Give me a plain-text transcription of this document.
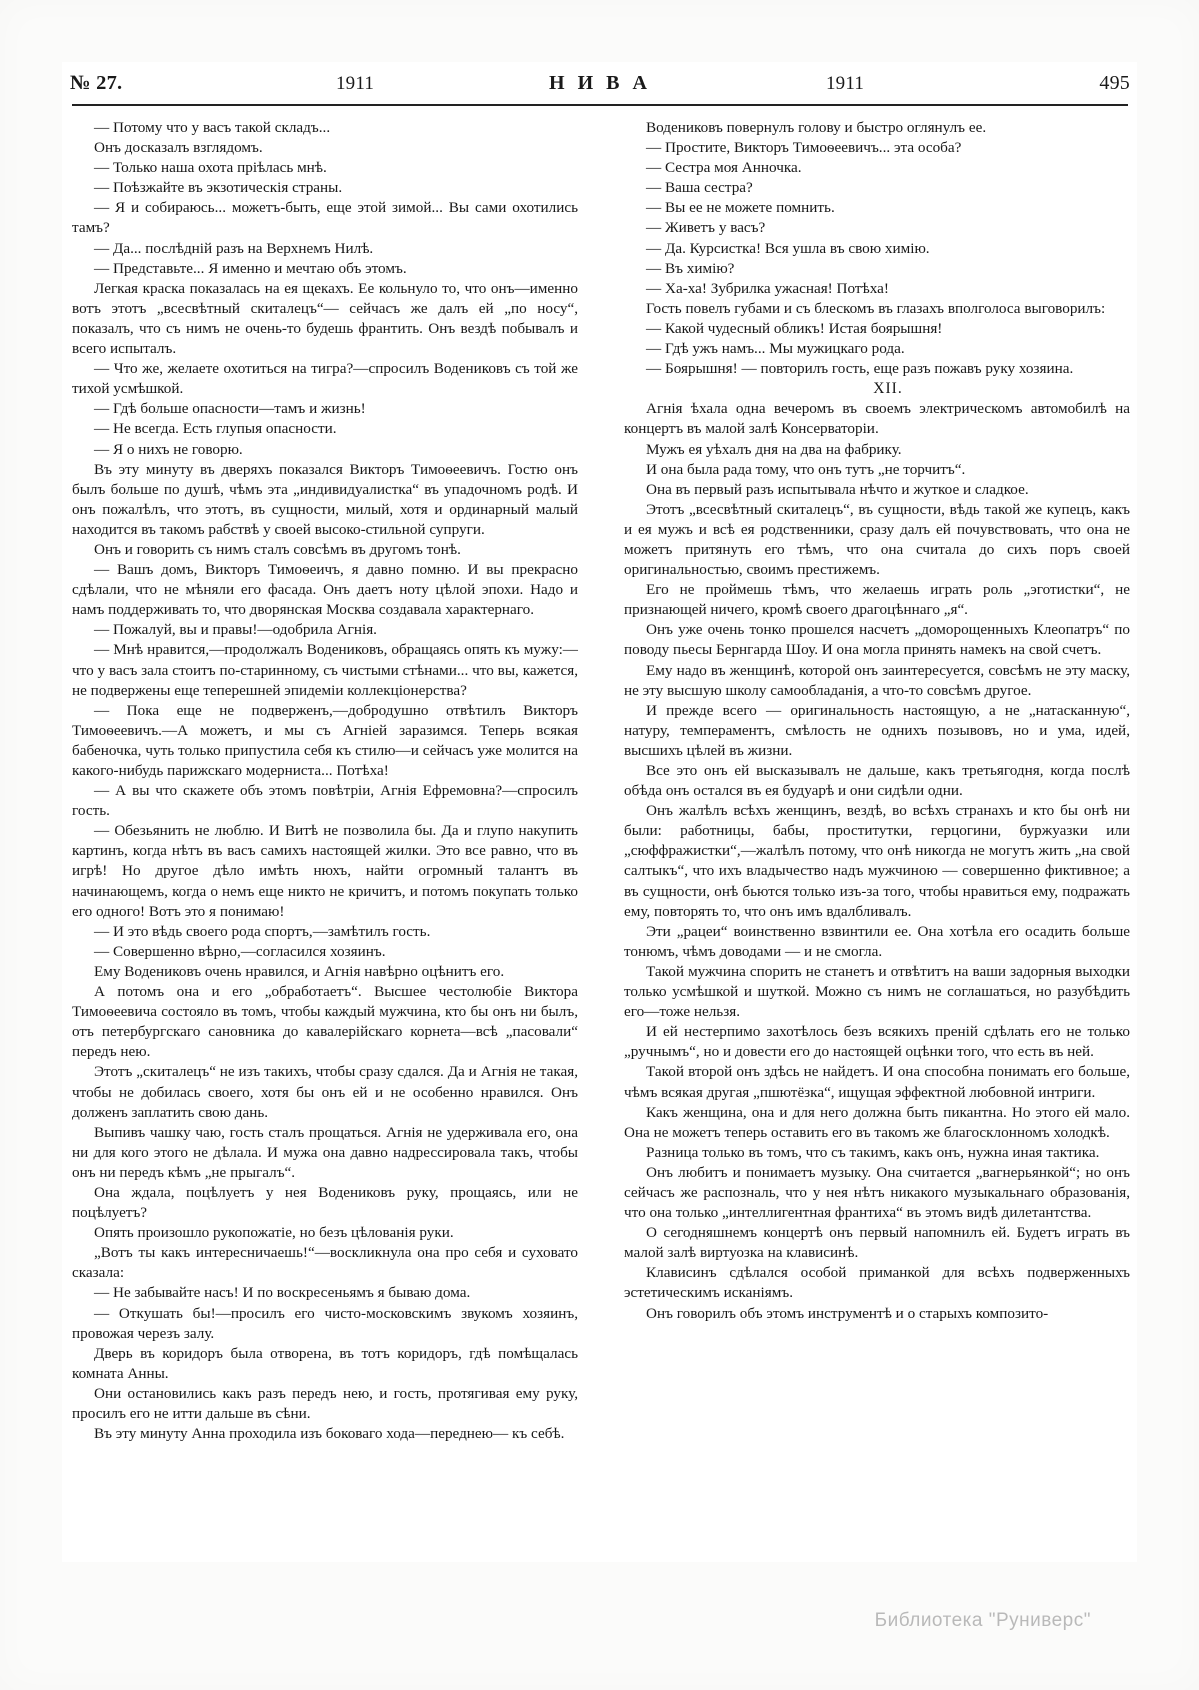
№ 27.	1911	Н И В А	1911	495

— Потому что у васъ такой складъ...

Онъ досказалъ взглядомъ.

— Только наша охота прiѣлась мнѣ.

— Поѣзжайте въ экзотическiя страны.

— Я и собираюсь... можетъ-быть, еще этой зимой... Вы сами охотились тамъ?

— Да... послѣднiй разъ на Верхнемъ Нилѣ.

— Представьте... Я именно и мечтаю объ этомъ.

Легкая краска показалась на ея щекахъ. Ее кольнуло то, что онъ—именно вотъ этотъ „всесвѣтный скиталецъ“— сейчасъ же далъ ей „по носу“, показалъ, что съ нимъ не очень-то будешь франтить. Онъ вездѣ побывалъ и всего испыталъ.

— Что же, желаете охотиться на тигра?—спросилъ Водениковъ съ той же тихой усмѣшкой.

— Гдѣ больше опасности—тамъ и жизнь!

— Не всегда. Есть глупыя опасности.

— Я о нихъ не говорю.

Въ эту минуту въ дверяхъ показался Викторъ Тимоѳеевичъ. Гостю онъ былъ больше по душѣ, чѣмъ эта „индивидуалистка“ въ упадочномъ родѣ. И онъ пожалѣлъ, что этотъ, въ сущности, милый, хотя и ординарный малый находится въ такомъ рабствѣ у своей высоко-стильной супруги.

Онъ и говорить съ нимъ сталъ совсѣмъ въ другомъ тонѣ.

— Вашъ домъ, Викторъ Тимоѳеичъ, я давно помню. И вы прекрасно сдѣлали, что не мѣняли его фасада. Онъ даетъ ноту цѣлой эпохи. Надо и намъ поддерживать то, что дворянская Москва создавала характернаго.

— Пожалуй, вы и правы!—одобрила Агнiя.

— Мнѣ нравится,—продолжалъ Водениковъ, обращаясь опять къ мужу:—что у васъ зала стоитъ по-старинному, съ чистыми стѣнами... что вы, кажется, не подвержены еще теперешней эпидемiи коллекцiонерства?

— Пока еще не подверженъ,—добродушно отвѣтилъ Викторъ Тимоѳеевичъ.—А можетъ, и мы съ Агнiей заразимся. Теперь всякая бабеночка, чуть только припустила себя къ стилю—и сейчасъ уже молится на какого-нибудь парижскаго модерниста... Потѣха!

— А вы что скажете объ этомъ повѣтрiи, Агнiя Ефремовна?—спросилъ гость.

— Обезьянить не люблю. И Витѣ не позволила бы. Да и глупо накупить картинъ, когда нѣтъ въ васъ самихъ настоящей жилки. Это все равно, что въ игрѣ! Но другое дѣло имѣть нюхъ, найти огромный талантъ въ начинающемъ, когда о немъ еще никто не кричитъ, и потомъ покупать только его одного! Вотъ это я понимаю!

— И это вѣдь своего рода спортъ,—замѣтилъ гость.

— Совершенно вѣрно,—согласился хозяинъ.

Ему Водениковъ очень нравился, и Агнiя навѣрно оцѣнитъ его.

А потомъ она и его „обработаетъ“. Высшее честолюбiе Виктора Тимоѳеевича состояло въ томъ, чтобы каждый мужчина, кто бы онъ ни былъ, отъ петербургскаго сановника до кавалерiйскаго корнета—всѣ „пасовали“ передъ нею.

Этотъ „скиталецъ“ не изъ такихъ, чтобы сразу сдался. Да и Агнiя не такая, чтобы не добилась своего, хотя бы онъ ей и не особенно нравился. Онъ долженъ заплатить свою дань.

Выпивъ чашку чаю, гость сталъ прощаться. Агнiя не удерживала его, она ни для кого этого не дѣлала. И мужа она давно надрессировала такъ, чтобы онъ ни передъ кѣмъ „не прыгалъ“.

Она ждала, поцѣлуетъ у нея Водениковъ руку, прощаясь, или не поцѣлуетъ?

Опять произошло рукопожатiе, но безъ цѣлованiя руки.

„Вотъ ты какъ интересничаешь!“—воскликнула она про себя и суховато сказала:

— Не забывайте насъ! И по воскресеньямъ я бываю дома.

— Откушать бы!—просилъ его чисто-московскимъ звукомъ хозяинъ, провожая черезъ залу.

Дверь въ коридоръ была отворена, въ тотъ коридоръ, гдѣ помѣщалась комната Анны.

Они остановились какъ разъ передъ нею, и гость, протягивая ему руку, просилъ его не итти дальше въ сѣни.

Въ эту минуту Анна проходила изъ боковаго хода—переднею— къ себѣ.

Водениковъ повернулъ голову и быстро оглянулъ ее.

— Простите, Викторъ Тимоѳеевичъ... эта особа?

— Сестра моя Анночка.

— Ваша сестра?

— Вы ее не можете помнить.

— Живетъ у васъ?

— Да. Курсистка! Вся ушла въ свою химiю.

— Въ химiю?

— Ха-ха! Зубрилка ужасная! Потѣха!

Гость повелъ губами и съ блескомъ въ глазахъ вполголоса выговорилъ:

— Какой чудесный обликъ! Истая боярышня!

— Гдѣ ужъ намъ... Мы мужицкаго рода.

— Боярышня! — повторилъ гость, еще разъ пожавъ руку хозяина.

XII.

Агнiя ѣхала одна вечеромъ въ своемъ электрическомъ автомобилѣ на концертъ въ малой залѣ Консерваторiи.

Мужъ ея уѣхалъ дня на два на фабрику.

И она была рада тому, что онъ тутъ „не торчитъ“.

Она въ первый разъ испытывала нѣчто и жуткое и сладкое.

Этотъ „всесвѣтный скиталецъ“, въ сущности, вѣдь такой же купецъ, какъ и ея мужъ и всѣ ея родственники, сразу далъ ей почувствовать, что она не можетъ притянуть его тѣмъ, что она считала до сихъ поръ своей оригинальностью, своимъ престижемъ.

Его не проймешь тѣмъ, что желаешь играть роль „эготистки“, не признающей ничего, кромѣ своего драгоцѣннаго „я“.

Онъ уже очень тонко прошелся насчетъ „доморощенныхъ Клеопатръ“ по поводу пьесы Бернгарда Шоу. И она могла принять намекъ на свой счетъ.

Ему надо въ женщинѣ, которой онъ заинтересуется, совсѣмъ не эту маску, не эту высшую школу самообладанiя, а что-то совсѣмъ другое.

И прежде всего — оригинальность настоящую, а не „натасканную“, натуру, темпераментъ, смѣлость не однихъ позывовъ, но и ума, идей, высшихъ цѣлей въ жизни.

Все это онъ ей высказывалъ не дальше, какъ третьягодня, когда послѣ обѣда онъ остался въ ея будуарѣ и они сидѣли одни.

Онъ жалѣлъ всѣхъ женщинъ, вездѣ, во всѣхъ странахъ и кто бы онѣ ни были: работницы, бабы, проститутки, герцогини, буржуазки или „сюффражистки“,—жалѣлъ потому, что онѣ никогда не могутъ жить „на свой салтыкъ“, что ихъ владычество надъ мужчиною — совершенно фиктивное; а въ сущности, онѣ бьются только изъ-за того, чтобы нравиться ему, подражать ему, повторять то, что онъ имъ вдалбливалъ.

Эти „рацеи“ воинственно взвинтили ее. Она хотѣла его осадить больше тонюмъ, чѣмъ доводами — и не смогла.

Такой мужчина спорить не станетъ и отвѣтитъ на ваши задорныя выходки только усмѣшкой и шуткой. Можно съ нимъ не соглашаться, но разубѣдить его—тоже нельзя.

И ей нестерпимо захотѣлось безъ всякихъ пренiй сдѣлать его не только „ручнымъ“, но и довести его до настоящей оцѣнки того, что есть въ ней.

Такой второй онъ здѣсь не найдетъ. И она способна понимать его больше, чѣмъ всякая другая „пшютёзка“, ищущая эффектной любовной интриги.

Какъ женщина, она и для него должна быть пикантна. Но этого ей мало. Она не можетъ теперь оставить его въ такомъ же благосклонномъ холодкѣ.

Разница только въ томъ, что съ такимъ, какъ онъ, нужна иная тактика.

Онъ любитъ и понимаетъ музыку. Она считается „вагнерьянкой“; но онъ сейчасъ же распозналь, что у нея нѣтъ никакого музыкальнаго образованiя, что она только „интеллигентная франтиха“ въ этомъ видѣ дилетантства.

О сегодняшнемъ концертѣ онъ первый напомнилъ ей. Будетъ играть въ малой залѣ виртуозка на клависинѣ.

Клависинъ сдѣлался особой приманкой для всѣхъ подверженныхъ эстетическимъ исканiямъ.

Онъ говорилъ объ этомъ инструментѣ и о старыхъ композито-

Библиотека "Руниверс"
